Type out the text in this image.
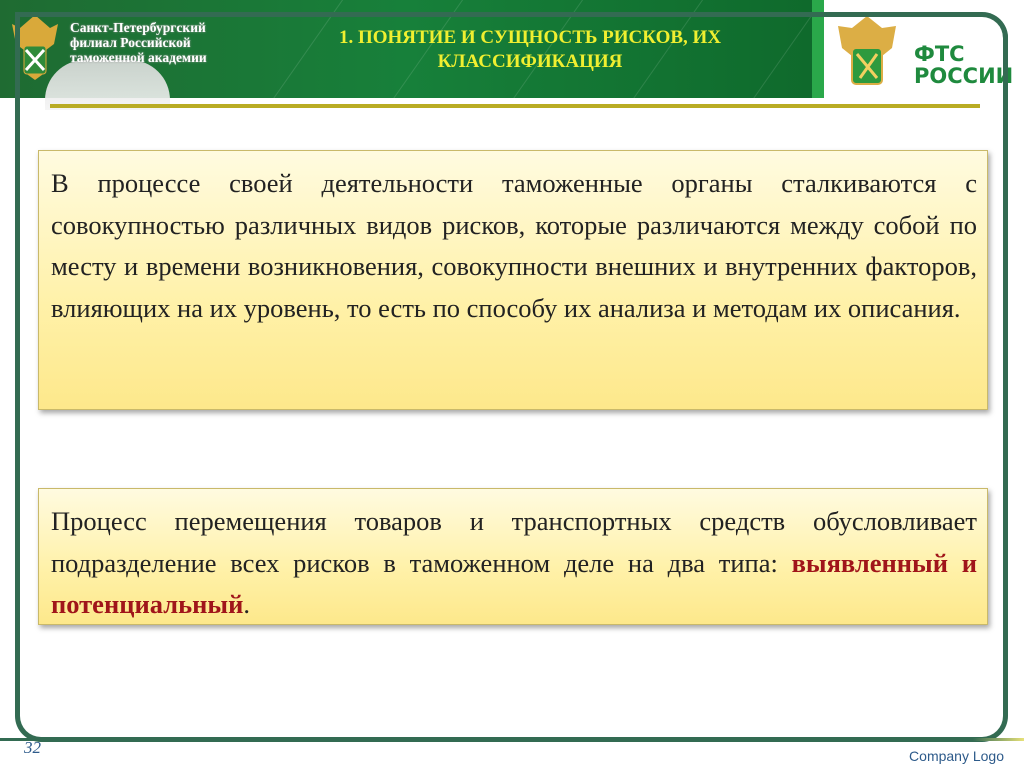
Санкт-Петербургский филиал Российской таможенной академии
1. ПОНЯТИЕ И СУЩНОСТЬ РИСКОВ, ИХ КЛАССИФИКАЦИЯ	ФТС
РОССИИ
В процессе своей деятельности таможенные органы сталкиваются с совокупностью различных видов рисков, которые различаются между собой по месту и времени возникновения, совокупности внешних и внутренних факторов, влияющих на их уровень, то есть по способу их анализа и методам их описания.
Процесс перемещения товаров и транспортных средств обусловливает подразделение всех рисков в таможенном деле на два типа: выявленный и потенциальный.
32	Company Logo
